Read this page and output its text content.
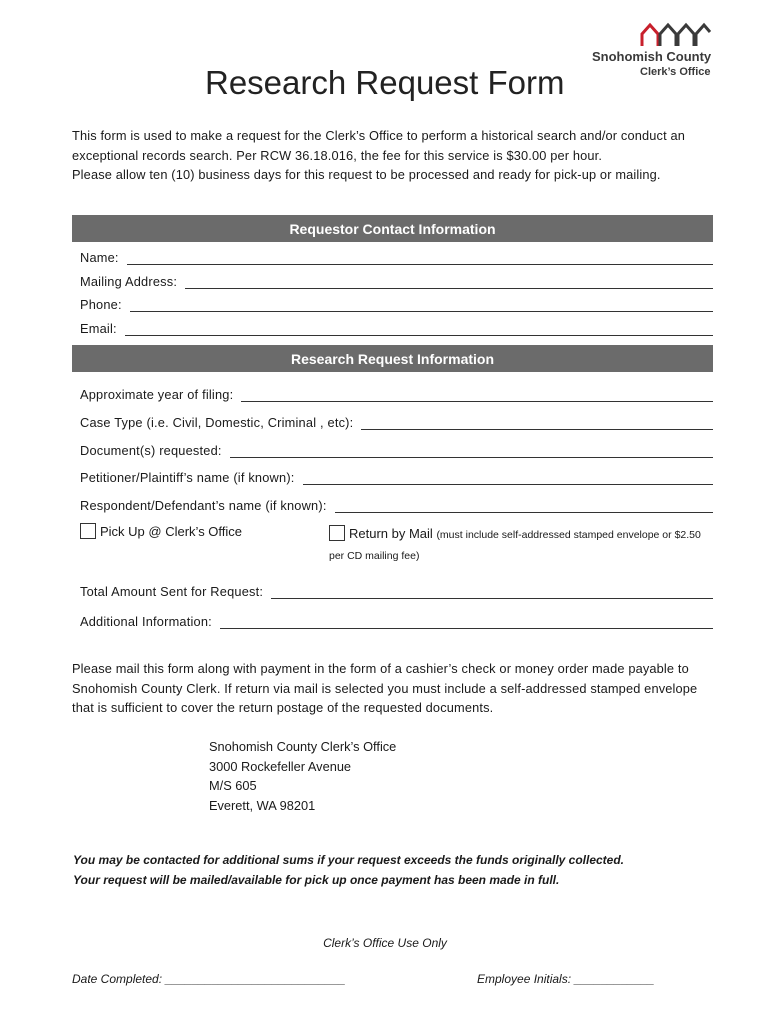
Snohomish County
Clerk’s Office
Research Request Form

This form is used to make a request for the Clerk’s Office to perform a historical search and/or conduct an exceptional records search. Per RCW 36.18.016, the fee for this service is $30.00 per hour.

Please allow ten (10) business days for this request to be processed and ready for pick-up or mailing.

Requestor Contact Information
Name:
Mailing Address:
Phone:
Email:
Research Request Information
Approximate year of filing:
Case Type (i.e. Civil, Domestic, Criminal , etc):
Document(s) requested:
Petitioner/Plaintiff’s name (if known):
Respondent/Defendant’s name (if known):
Pick Up @ Clerk’s Office	Return by Mail (must include self-addressed stamped envelope or $2.50 per CD mailing fee)
Total Amount Sent for Request:
Additional Information:

Please mail this form along with payment in the form of a cashier’s check or money order made payable to Snohomish County Clerk. If return via mail is selected you must include a self-addressed stamped envelope that is sufficient to cover the return postage of the requested documents.

Snohomish County Clerk’s Office
3000 Rockefeller Avenue
M/S 605
Everett, WA 98201
You may be contacted for additional sums if your request exceeds the funds originally collected.
Your request will be mailed/available for pick up once payment has been made in full.
Clerk’s Office Use Only
Date Completed: ___________________________	Employee Initials: ____________
